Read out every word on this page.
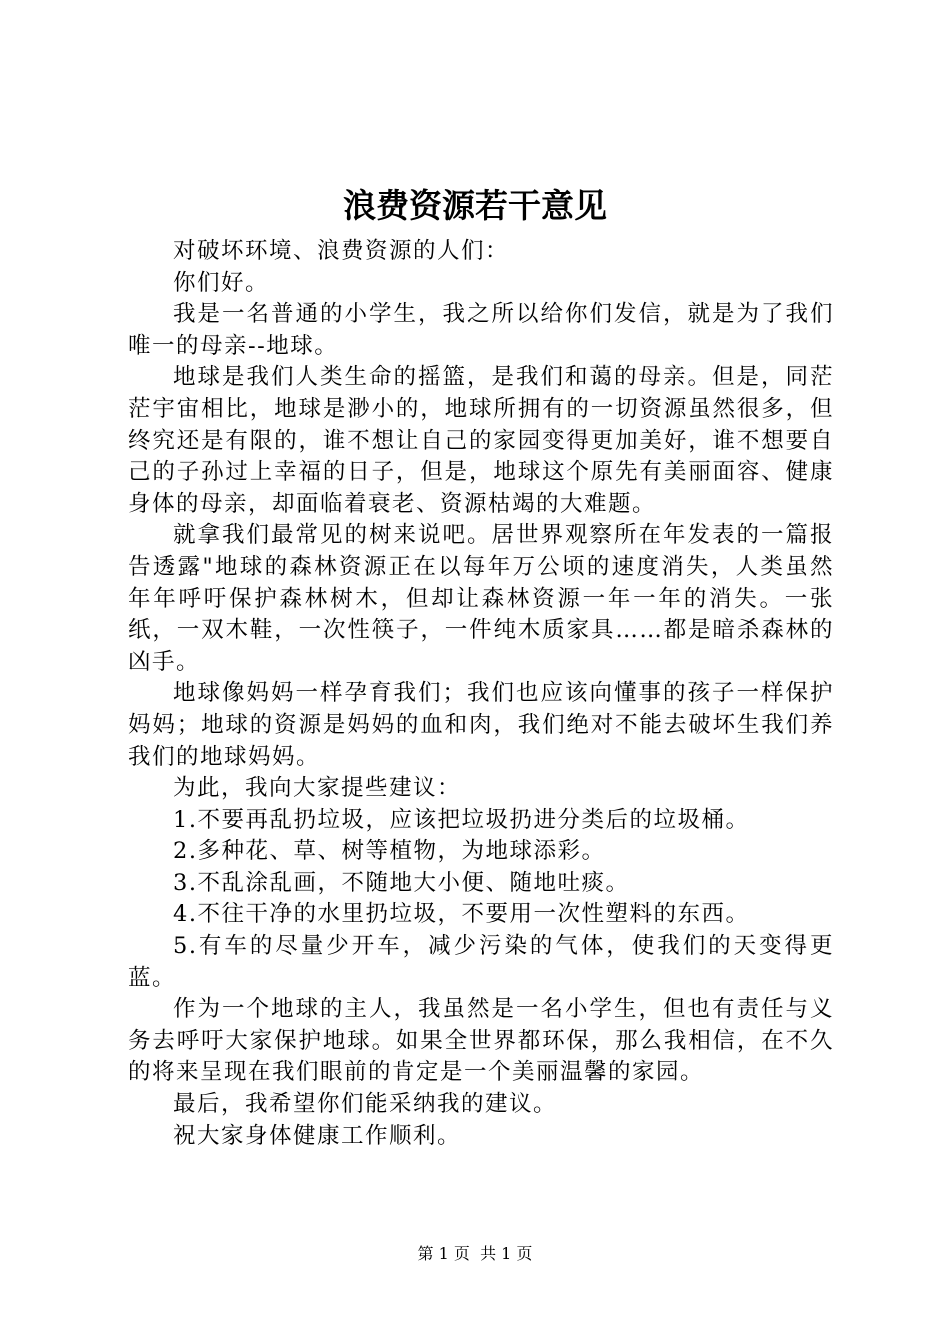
浪费资源若干意见

对破坏环境、浪费资源的人们：

你们好。

我是一名普通的小学生，我之所以给你们发信，就是为了我们唯一的母亲--地球。

地球是我们人类生命的摇篮，是我们和蔼的母亲。但是，同茫茫宇宙相比，地球是渺小的，地球所拥有的一切资源虽然很多，但终究还是有限的，谁不想让自己的家园变得更加美好，谁不想要自己的子孙过上幸福的日子，但是，地球这个原先有美丽面容、健康身体的母亲，却面临着衰老、资源枯竭的大难题。

就拿我们最常见的树来说吧。居世界观察所在年发表的一篇报告透露"地球的森林资源正在以每年万公顷的速度消失，人类虽然年年呼吁保护森林树木，但却让森林资源一年一年的消失。一张纸，一双木鞋，一次性筷子，一件纯木质家具……都是暗杀森林的凶手。

地球像妈妈一样孕育我们；我们也应该向懂事的孩子一样保护妈妈；地球的资源是妈妈的血和肉，我们绝对不能去破坏生我们养我们的地球妈妈。

为此，我向大家提些建议：

1.不要再乱扔垃圾，应该把垃圾扔进分类后的垃圾桶。

2.多种花、草、树等植物，为地球添彩。

3.不乱涂乱画，不随地大小便、随地吐痰。

4.不往干净的水里扔垃圾，不要用一次性塑料的东西。

5.有车的尽量少开车，减少污染的气体，使我们的天变得更蓝。

作为一个地球的主人，我虽然是一名小学生，但也有责任与义务去呼吁大家保护地球。如果全世界都环保，那么我相信，在不久的将来呈现在我们眼前的肯定是一个美丽温馨的家园。

最后，我希望你们能采纳我的建议。

祝大家身体健康工作顺利。

第 1 页 共 1 页
